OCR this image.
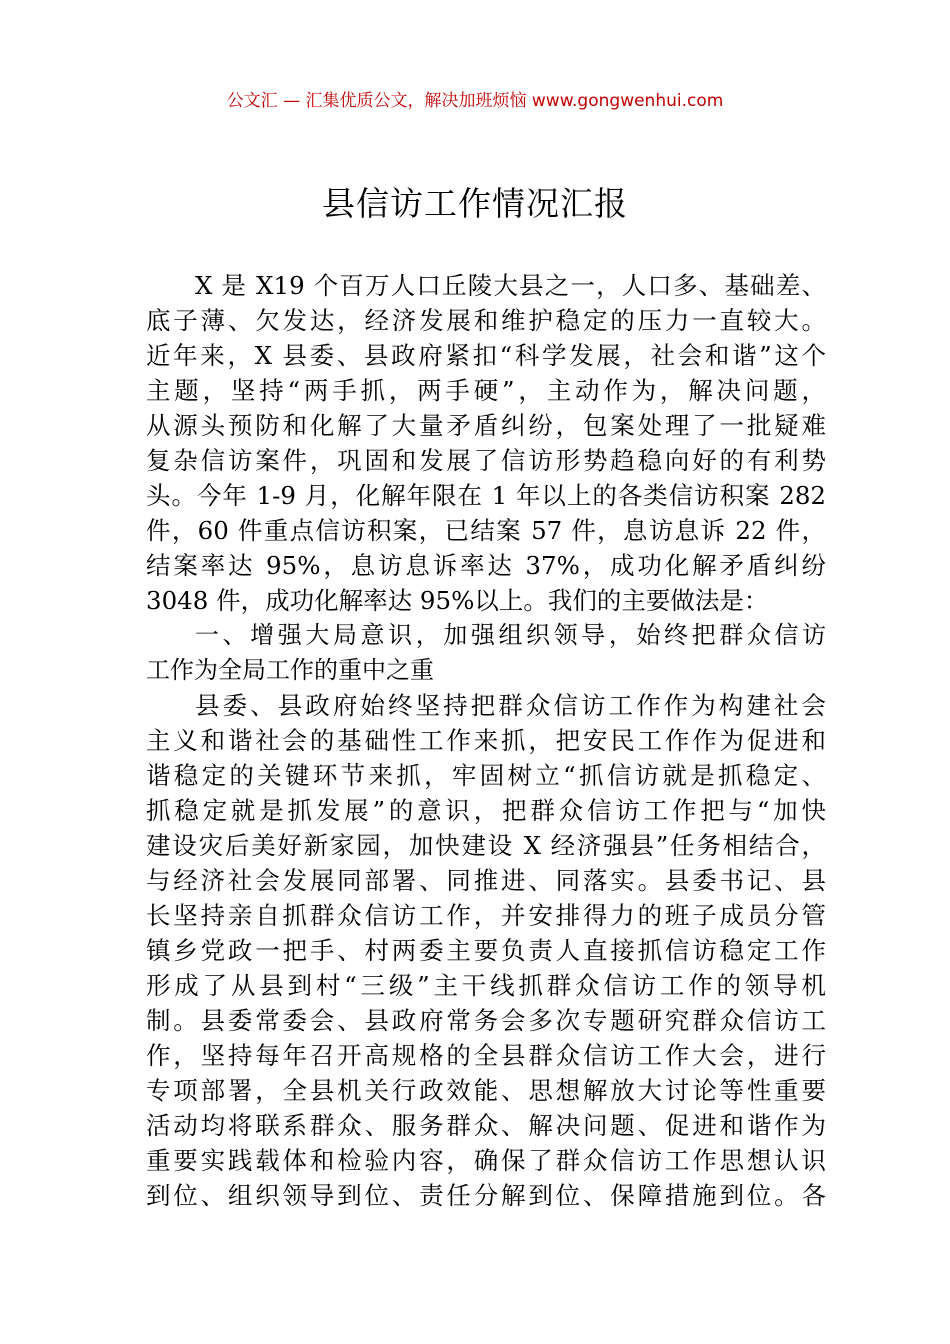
公文汇 — 汇集优质公文，解决加班烦恼 www.gongwenhui.com
县信访工作情况汇报
X 是 X19 个百万人口丘陵大县之一，人口多、基础差、
底子薄、欠发达，经济发展和维护稳定的压力一直较大。
近年来，X 县委、县政府紧扣“科学发展，社会和谐”这个
主题，坚持“两手抓，两手硬”，主动作为，解决问题，
从源头预防和化解了大量矛盾纠纷，包案处理了一批疑难
复杂信访案件，巩固和发展了信访形势趋稳向好的有利势
头。今年 1-9 月，化解年限在 1 年以上的各类信访积案 282
件，60 件重点信访积案，已结案 57 件，息访息诉 22 件，
结案率达 95%，息访息诉率达 37%，成功化解矛盾纠纷
3048 件，成功化解率达 95%以上。我们的主要做法是：
一、增强大局意识，加强组织领导，始终把群众信访
工作为全局工作的重中之重
县委、县政府始终坚持把群众信访工作作为构建社会
主义和谐社会的基础性工作来抓，把安民工作作为促进和
谐稳定的关键环节来抓，牢固树立“抓信访就是抓稳定、
抓稳定就是抓发展”的意识，把群众信访工作把与“加快
建设灾后美好新家园，加快建设 X 经济强县”任务相结合，
与经济社会发展同部署、同推进、同落实。县委书记、县
长坚持亲自抓群众信访工作，并安排得力的班子成员分管
镇乡党政一把手、村两委主要负责人直接抓信访稳定工作
形成了从县到村“三级”主干线抓群众信访工作的领导机
制。县委常委会、县政府常务会多次专题研究群众信访工
作，坚持每年召开高规格的全县群众信访工作大会，进行
专项部署，全县机关行政效能、思想解放大讨论等性重要
活动均将联系群众、服务群众、解决问题、促进和谐作为
重要实践载体和检验内容，确保了群众信访工作思想认识
到位、组织领导到位、责任分解到位、保障措施到位。各
